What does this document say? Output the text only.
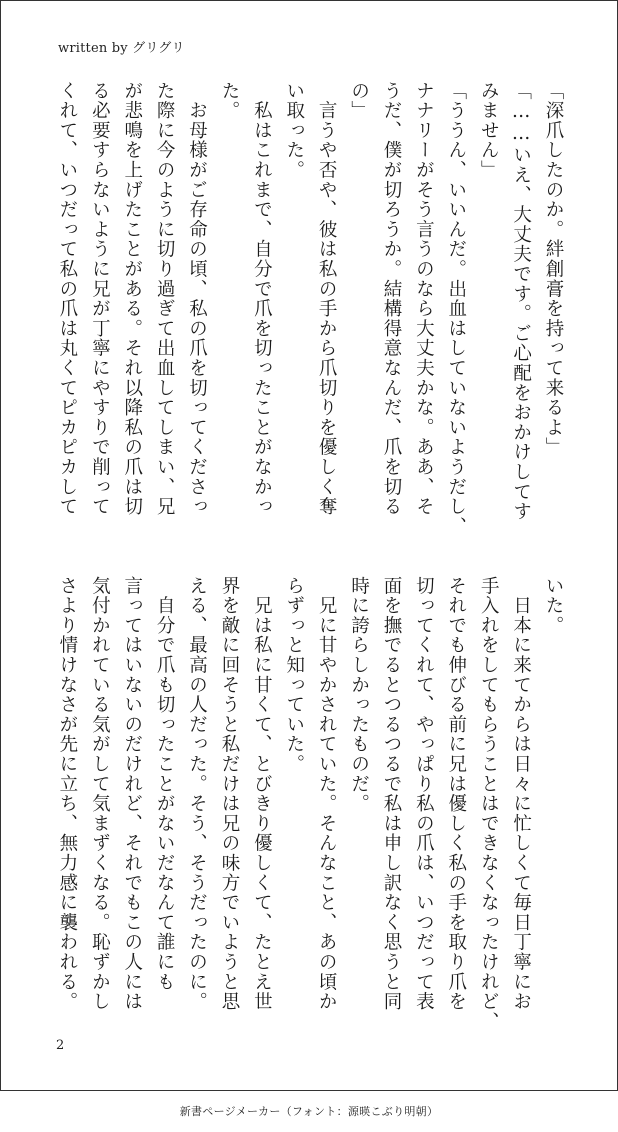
written by グリグリ
「深爪したのか。絆創膏を持って来るよ」
「……いえ、大丈夫です。ご心配をおかけしてす
みません」
「ううん、いいんだ。出血はしていないようだし、
ナナリーがそう言うのなら大丈夫かな。ああ、そ
うだ、僕が切ろうか。結構得意なんだ、爪を切る
の」
　言うや否や、彼は私の手から爪切りを優しく奪
い取った。
　私はこれまで、自分で爪を切ったことがなかっ
た。
　お母様がご存命の頃、私の爪を切ってくださっ
た際に今のように切り過ぎて出血してしまい、兄
が悲鳴を上げたことがある。それ以降私の爪は切
る必要すらないように兄が丁寧にやすりで削って
くれて、いつだって私の爪は丸くてピカピカして
いた。
　日本に来てからは日々に忙しくて毎日丁寧にお
手入れをしてもらうことはできなくなったけれど、
それでも伸びる前に兄は優しく私の手を取り爪を
切ってくれて、やっぱり私の爪は、いつだって表
面を撫でるとつるつるで私は申し訳なく思うと同
時に誇らしかったものだ。
　兄に甘やかされていた。そんなこと、あの頃か
らずっと知っていた。
　兄は私に甘くて、とびきり優しくて、たとえ世
界を敵に回そうと私だけは兄の味方でいようと思
える、最高の人だった。そう、そうだったのに。
　自分で爪も切ったことがないだなんて誰にも
言ってはいないのだけれど、それでもこの人には
気付かれている気がして気まずくなる。恥ずかし
さより情けなさが先に立ち、無力感に襲われる。
2
新書ページメーカー（フォント：源暎こぶり明朝）
